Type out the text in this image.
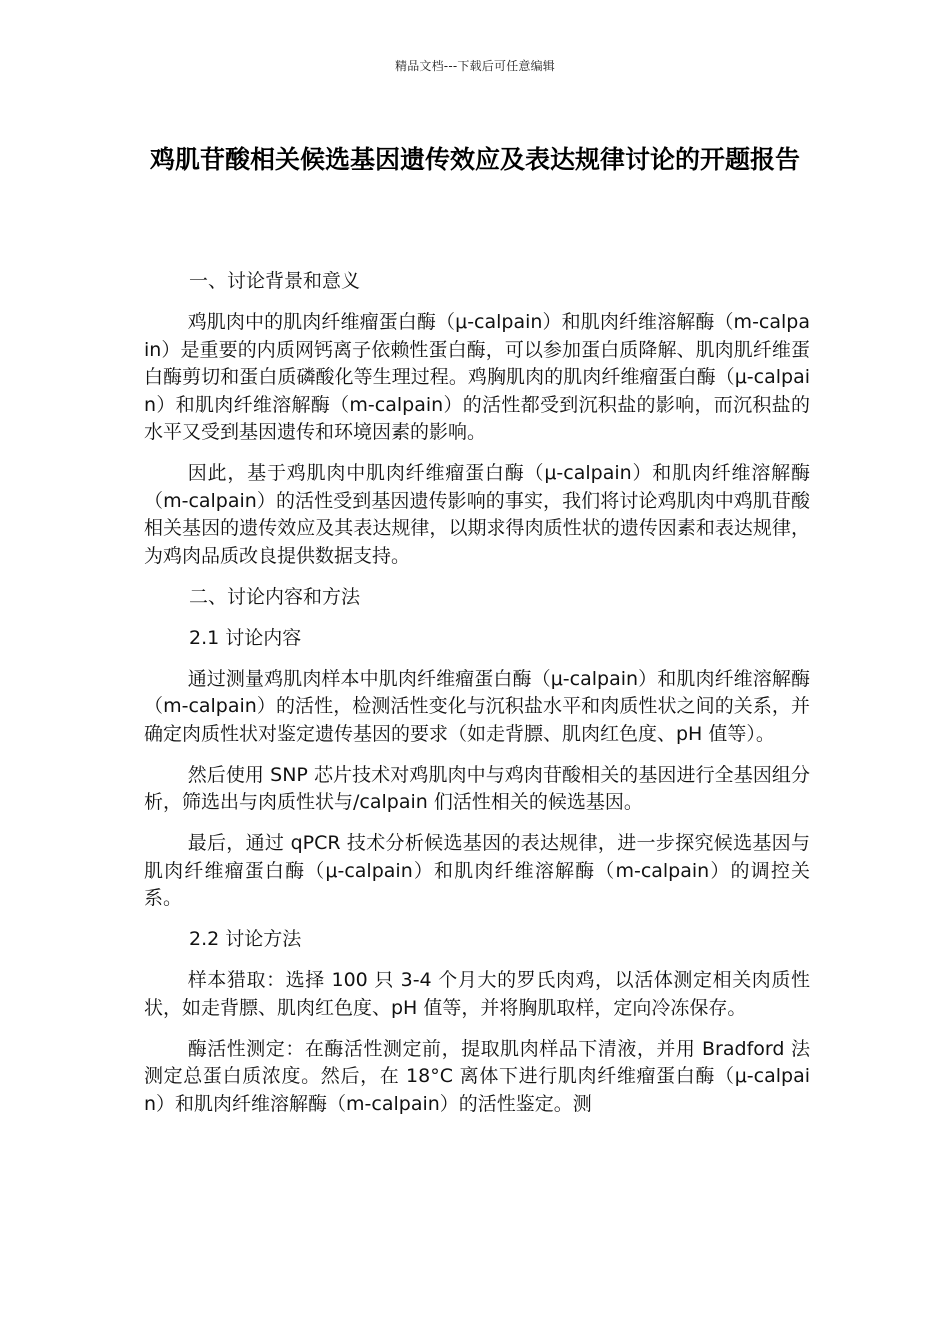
精品文档---下载后可任意编辑
鸡肌苷酸相关候选基因遗传效应及表达规律讨论的开题报告
一、讨论背景和意义

鸡肌肉中的肌肉纤维瘤蛋白酶（μ-calpain）和肌肉纤维溶解酶（m-calpain）是重要的内质网钙离子依赖性蛋白酶，可以参加蛋白质降解、肌肉肌纤维蛋白酶剪切和蛋白质磷酸化等生理过程。鸡胸肌肉的肌肉纤维瘤蛋白酶（μ-calpain）和肌肉纤维溶解酶（m-calpain）的活性都受到沉积盐的影响，而沉积盐的水平又受到基因遗传和环境因素的影响。

因此，基于鸡肌肉中肌肉纤维瘤蛋白酶（μ-calpain）和肌肉纤维溶解酶（m-calpain）的活性受到基因遗传影响的事实，我们将讨论鸡肌肉中鸡肌苷酸相关基因的遗传效应及其表达规律，以期求得肉质性状的遗传因素和表达规律，为鸡肉品质改良提供数据支持。

二、讨论内容和方法
2.1 讨论内容

通过测量鸡肌肉样本中肌肉纤维瘤蛋白酶（μ-calpain）和肌肉纤维溶解酶（m-calpain）的活性，检测活性变化与沉积盐水平和肉质性状之间的关系，并确定肉质性状对鉴定遗传基因的要求（如走背膘、肌肉红色度、pH 值等）。

然后使用 SNP 芯片技术对鸡肌肉中与鸡肉苷酸相关的基因进行全基因组分析，筛选出与肉质性状与/calpain 们活性相关的候选基因。

最后，通过 qPCR 技术分析候选基因的表达规律，进一步探究候选基因与肌肉纤维瘤蛋白酶（μ-calpain）和肌肉纤维溶解酶（m-calpain）的调控关系。

2.2 讨论方法

样本猎取：选择 100 只 3-4 个月大的罗氏肉鸡，以活体测定相关肉质性状，如走背膘、肌肉红色度、pH 值等，并将胸肌取样，定向冷冻保存。

酶活性测定：在酶活性测定前，提取肌肉样品下清液，并用 Bradford 法测定总蛋白质浓度。然后，在 18°C 离体下进行肌肉纤维瘤蛋白酶（μ-calpain）和肌肉纤维溶解酶（m-calpain）的活性鉴定。测
